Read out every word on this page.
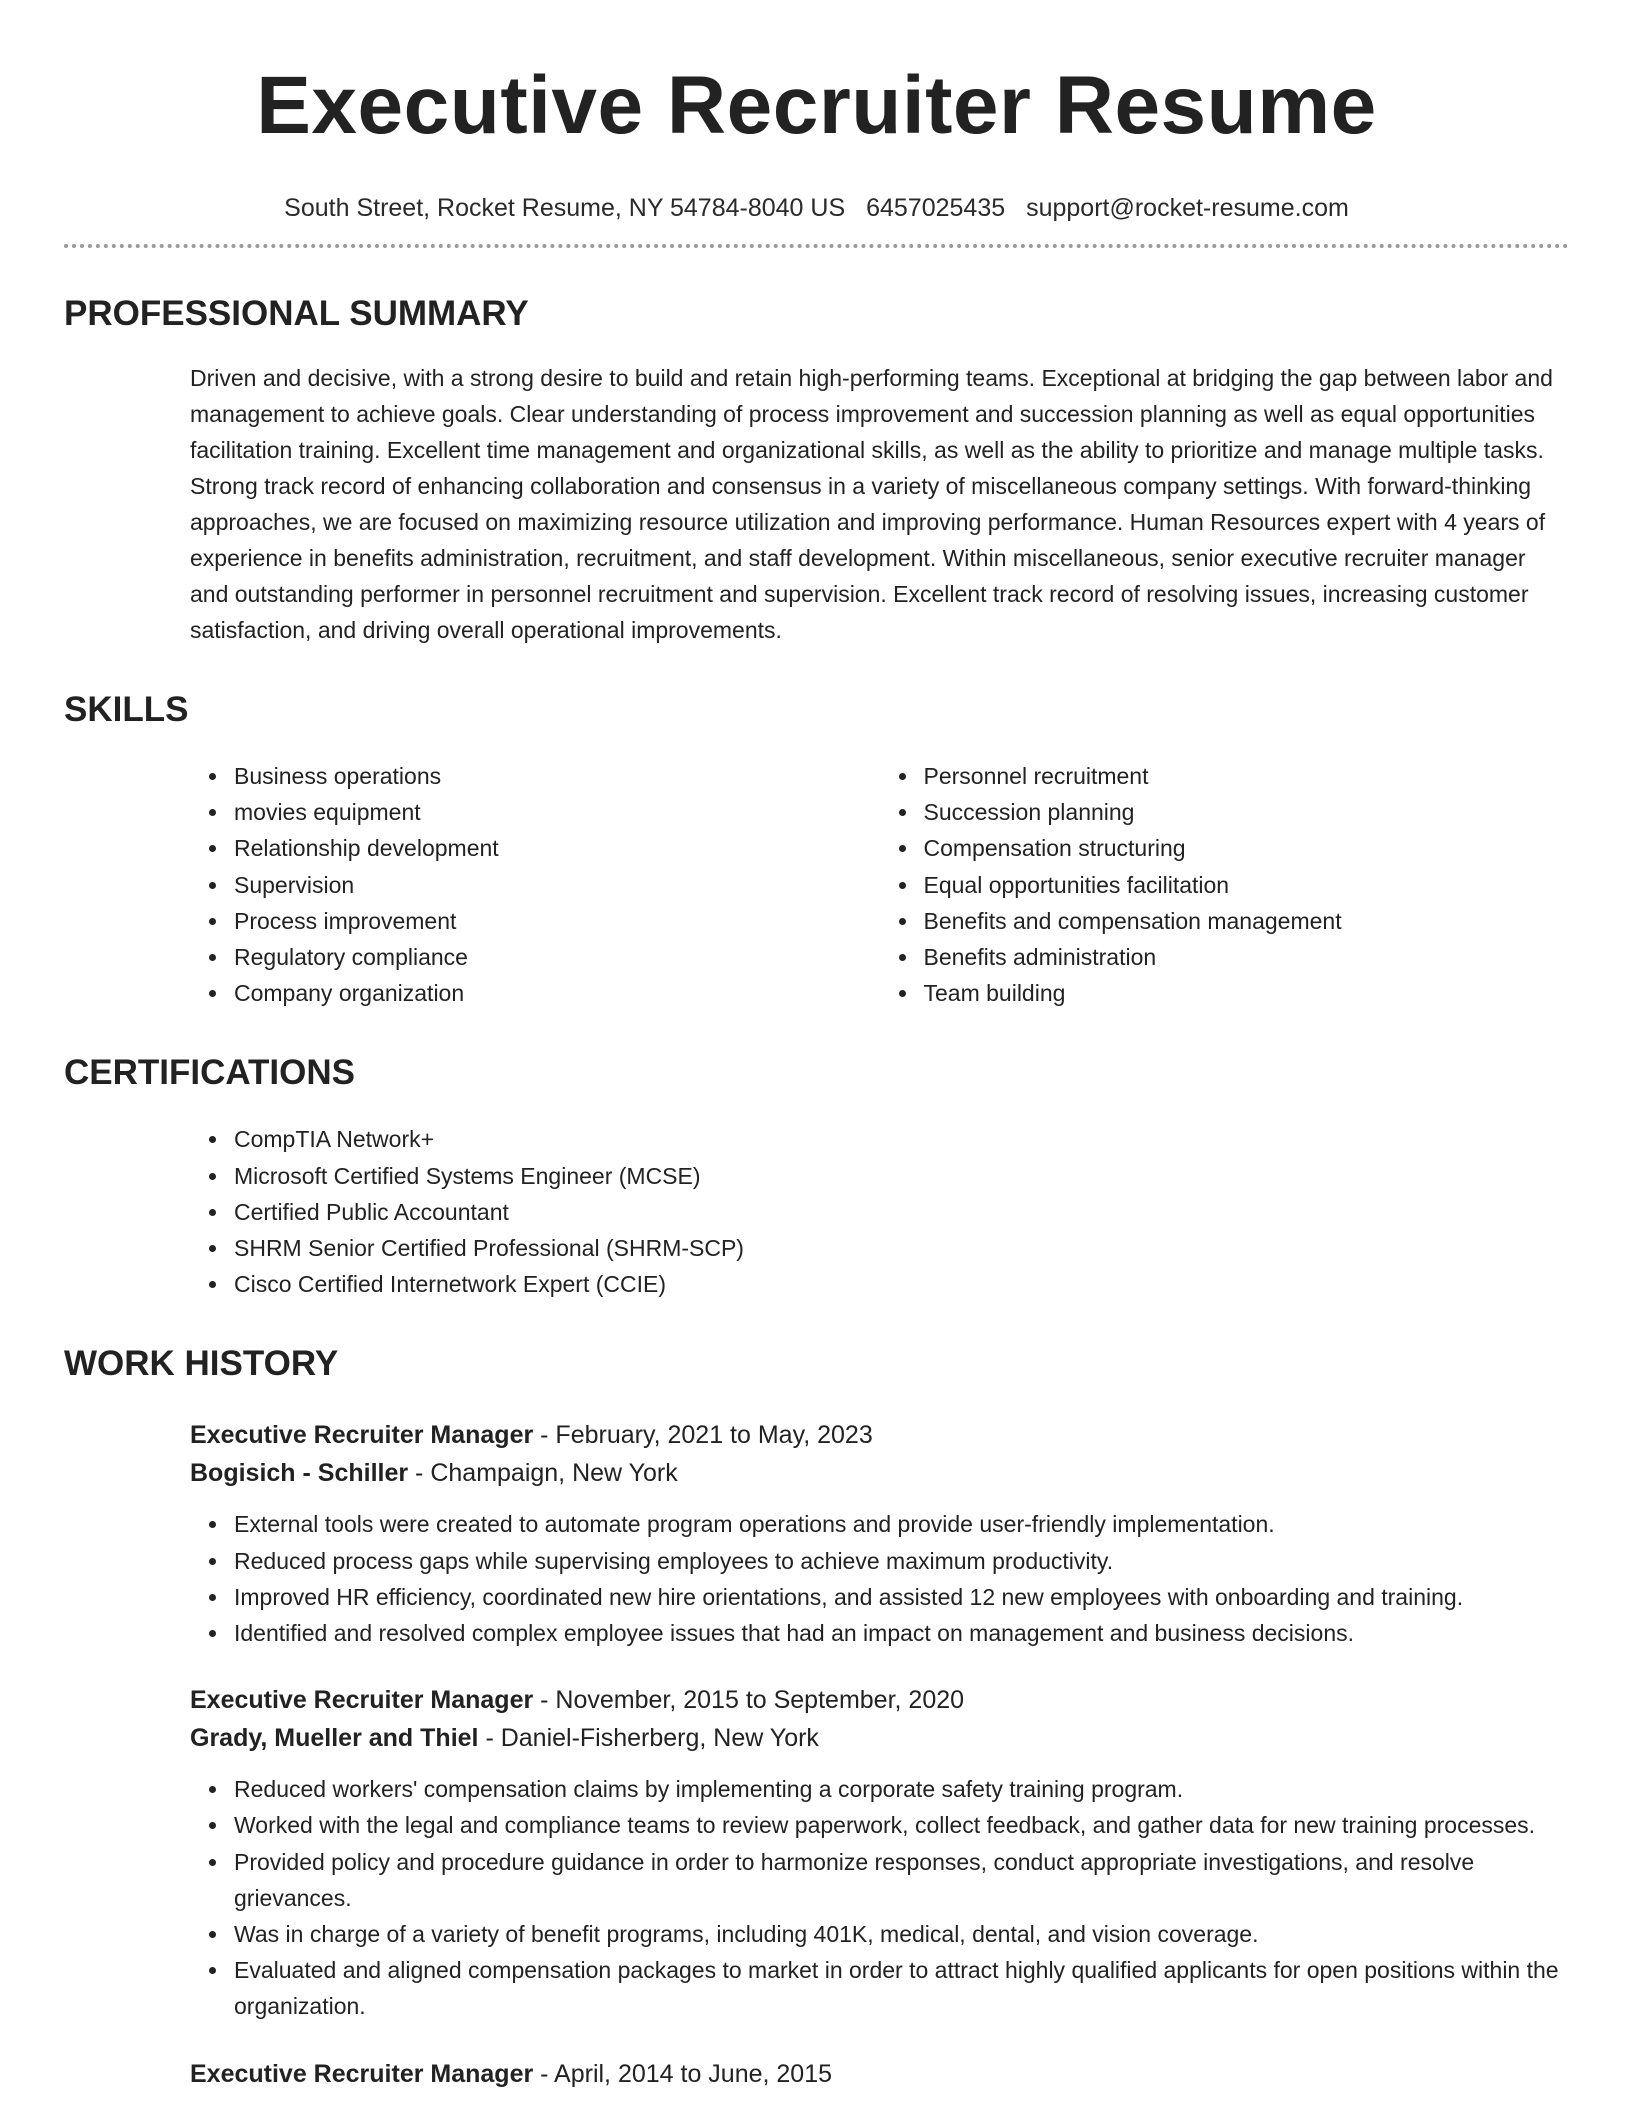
Executive Recruiter Resume
South Street, Rocket Resume, NY 54784-8040 US 6457025435 support@rocket-resume.com
PROFESSIONAL SUMMARY
Driven and decisive, with a strong desire to build and retain high-performing teams. Exceptional at bridging the gap between labor and management to achieve goals. Clear understanding of process improvement and succession planning as well as equal opportunities facilitation training. Excellent time management and organizational skills, as well as the ability to prioritize and manage multiple tasks. Strong track record of enhancing collaboration and consensus in a variety of miscellaneous company settings. With forward-thinking approaches, we are focused on maximizing resource utilization and improving performance. Human Resources expert with 4 years of experience in benefits administration, recruitment, and staff development. Within miscellaneous, senior executive recruiter manager and outstanding performer in personnel recruitment and supervision. Excellent track record of resolving issues, increasing customer satisfaction, and driving overall operational improvements.
SKILLS
Business operations
movies equipment
Relationship development
Supervision
Process improvement
Regulatory compliance
Company organization
Personnel recruitment
Succession planning
Compensation structuring
Equal opportunities facilitation
Benefits and compensation management
Benefits administration
Team building
CERTIFICATIONS
CompTIA Network+
Microsoft Certified Systems Engineer (MCSE)
Certified Public Accountant
SHRM Senior Certified Professional (SHRM-SCP)
Cisco Certified Internetwork Expert (CCIE)
WORK HISTORY
Executive Recruiter Manager - February, 2021 to May, 2023
Bogisich - Schiller - Champaign, New York
External tools were created to automate program operations and provide user-friendly implementation.
Reduced process gaps while supervising employees to achieve maximum productivity.
Improved HR efficiency, coordinated new hire orientations, and assisted 12 new employees with onboarding and training.
Identified and resolved complex employee issues that had an impact on management and business decisions.
Executive Recruiter Manager - November, 2015 to September, 2020
Grady, Mueller and Thiel - Daniel-Fisherberg, New York
Reduced workers' compensation claims by implementing a corporate safety training program.
Worked with the legal and compliance teams to review paperwork, collect feedback, and gather data for new training processes.
Provided policy and procedure guidance in order to harmonize responses, conduct appropriate investigations, and resolve grievances.
Was in charge of a variety of benefit programs, including 401K, medical, dental, and vision coverage.
Evaluated and aligned compensation packages to market in order to attract highly qualified applicants for open positions within the organization.
Executive Recruiter Manager - April, 2014 to June, 2015
